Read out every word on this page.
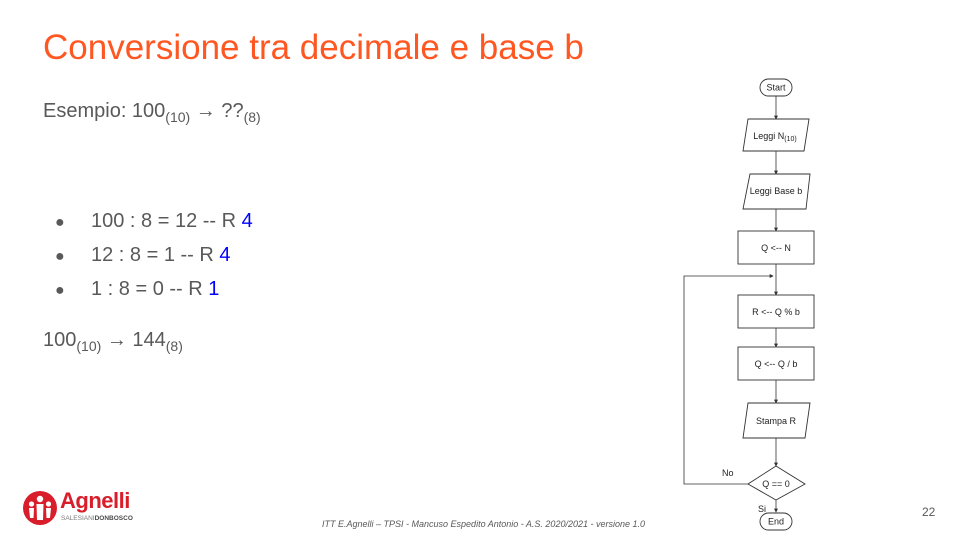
Conversione tra decimale e base b
Esempio: $100_{(10)}$ → $??_{(8)}$
● 100 : 8 = 12 -- R 4
● 12 : 8 = 1 -- R 4
● 1 : 8 = 0 -- R 1
$100_{(10)} \to 144_{(8)}$
Start
Leggi $N_{(10)}$
Leggi Base b
Q <-- N
R <-- Q % b
Q <-- Q / b
Stampa R
Q == 0
No
Si
End
Agnelli
SALESIANIDONBOSCO
ITT E.Agnelli – TPSI - Mancuso Espedito Antonio - A.S. 2020/2021 - versione 1.0
22
